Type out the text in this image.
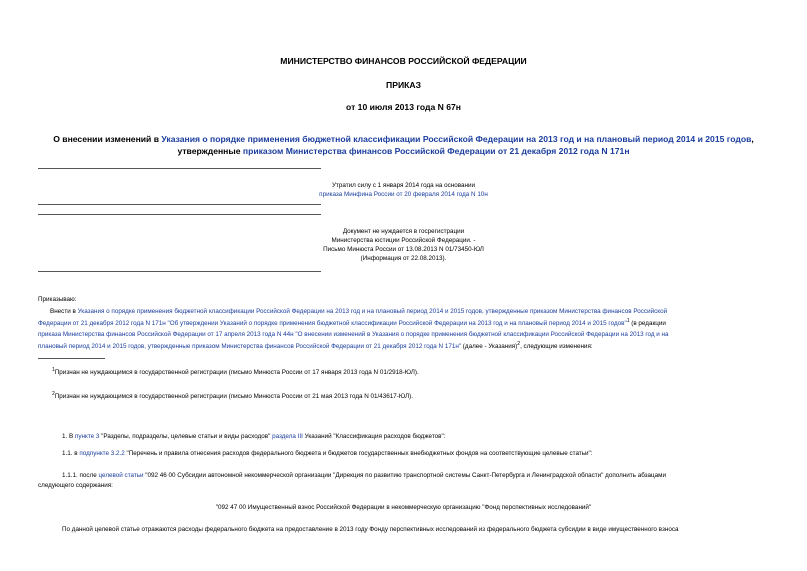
МИНИСТЕРСТВО ФИНАНСОВ РОССИЙСКОЙ ФЕДЕРАЦИИ
ПРИКАЗ
от 10 июля 2013 года N 67н
О внесении изменений в Указания о порядке применения бюджетной классификации Российской Федерации на 2013 год и на плановый период 2014 и 2015 годов,
утвержденные приказом Министерства финансов Российской Федерации от 21 декабря 2012 года N 171н
Утратил силу с 1 января 2014 года на основании
приказа Минфина России от 20 февраля 2014 года N 10н
Документ не нуждается в госрегистрации
Министерства юстиции Российской Федерации. -
Письмо Минюста России от 13.08.2013 N 01/73450-ЮЛ
(Информация от 22.08.2013).
Приказываю:
Внести в Указания о порядке применения бюджетной классификации Российской Федерации на 2013 год и на плановый период 2014 и 2015 годов, утвержденные приказом Министерства финансов Российской
Федерации от 21 декабря 2012 года N 171н "Об утверждении Указаний о порядке применения бюджетной классификации Российской Федерации на 2013 год и на плановый период 2014 и 2015 годов"$^1$ (в редакции
приказа Министерства финансов Российской Федерации от 17 апреля 2013 года N 44н "О внесении изменений в Указания о порядке применения бюджетной классификации Российской Федерации на 2013 год и на
плановый период 2014 и 2015 годов, утвержденные приказом Министерства финансов Российской Федерации от 21 декабря 2012 года N 171н" (далее - Указания)$^2$, следующие изменения:
$^1$Признан не нуждающимся в государственной регистрации (письмо Минюста России от 17 января 2013 года N 01/2918-ЮЛ).
$^2$Признан не нуждающимся в государственной регистрации (письмо Минюста России от 21 мая 2013 года N 01/43617-ЮЛ).
1. В пункте 3 "Разделы, подразделы, целевые статьи и виды расходов" раздела III Указаний "Классификация расходов бюджетов":
1.1. в подпункте 3.2.2 "Перечень и правила отнесения расходов федерального бюджета и бюджетов государственных внебюджетных фондов на соответствующие целевые статьи":
1.1.1. после целевой статьи "092 46 00 Субсидии автономной некоммерческой организации "Дирекция по развитию транспортной системы Санкт-Петербурга и Ленинградской области" дополнить абзацами
следующего содержания:
"092 47 00 Имущественный взнос Российской Федерации в некоммерческую организацию "Фонд перспективных исследований"
По данной целевой статье отражаются расходы федерального бюджета на предоставление в 2013 году Фонду перспективных исследований из федерального бюджета субсидии в виде имущественного взноса
